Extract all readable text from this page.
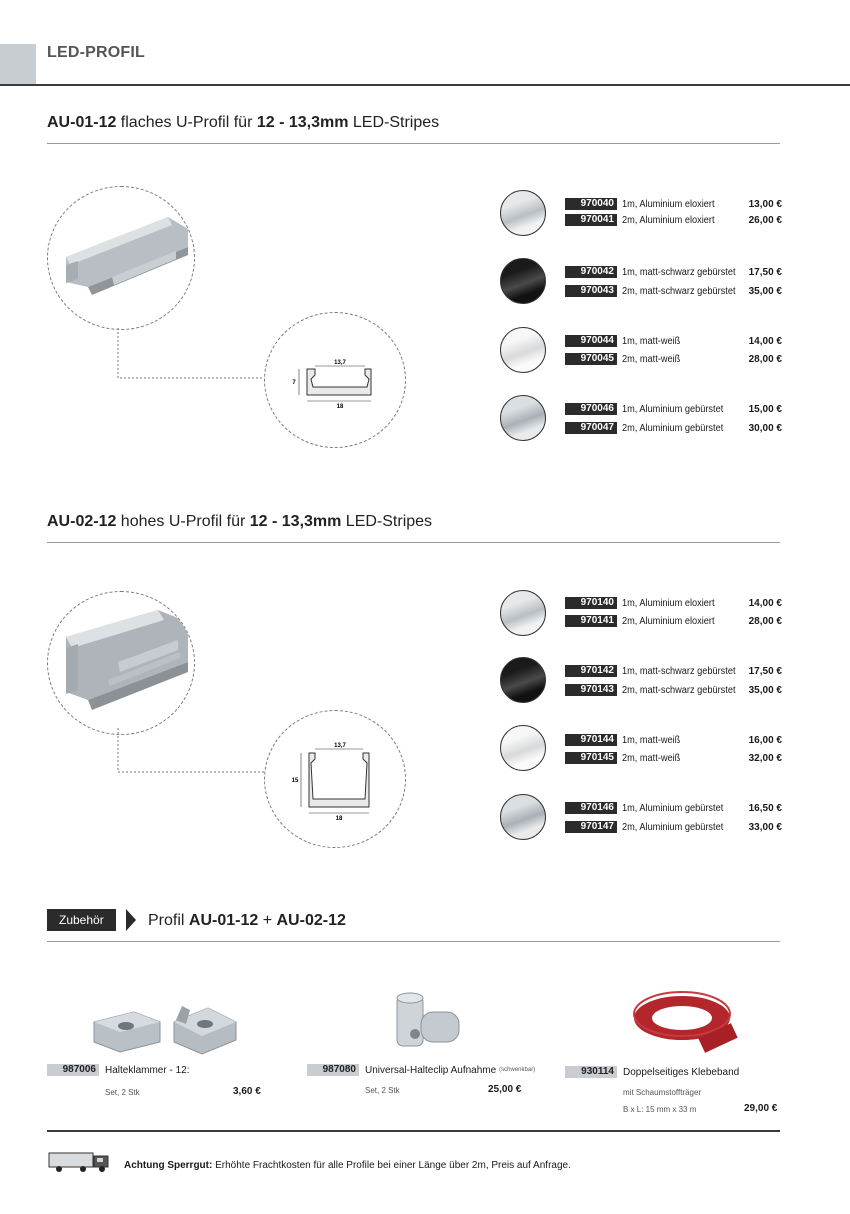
LED-PROFIL
AU-01-12 flaches U-Profil für 12 - 13,3mm LED-Stripes
13,7
18
7
970040 1m, Aluminium eloxiert	13,00 €
970041 2m, Aluminium eloxiert	26,00 €
970042 1m, matt-schwarz gebürstet	17,50 €
970043 2m, matt-schwarz gebürstet	35,00 €
970044 1m, matt-weiß	14,00 €
970045 2m, matt-weiß	28,00 €
970046 1m, Aluminium gebürstet	15,00 €
970047 2m, Aluminium gebürstet	30,00 €
AU-02-12 hohes U-Profil für 12 - 13,3mm LED-Stripes
13,7
18
15
970140 1m, Aluminium eloxiert	14,00 €
970141 2m, Aluminium eloxiert	28,00 €
970142 1m, matt-schwarz gebürstet	17,50 €
970143 2m, matt-schwarz gebürstet	35,00 €
970144 1m, matt-weiß	16,00 €
970145 2m, matt-weiß	32,00 €
970146 1m, Aluminium gebürstet	16,50 €
970147 2m, Aluminium gebürstet	33,00 €
Zubehör	Profil AU-01-12 + AU-02-12
987006 Halteklammer - 12:
Set, 2 Stk	3,60 €
987080 Universal-Halteclip Aufnahme (schwenkbar)
Set, 2 Stk	25,00 €
930114 Doppelseitiges Klebeband
mit Schaumstoffträger
B x L: 15 mm x 33 m	29,00 €
Achtung Sperrgut: Erhöhte Frachtkosten für alle Profile bei einer Länge über 2m, Preis auf Anfrage.
